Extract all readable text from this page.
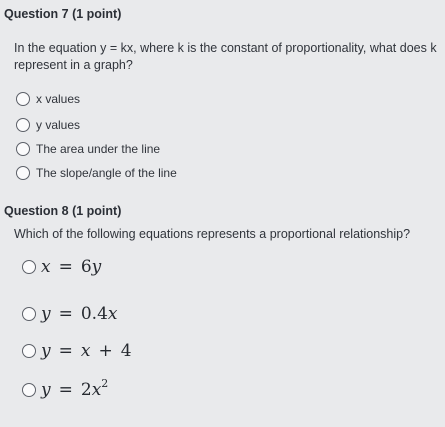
Question 7 (1 point)
In the equation y = kx, where k is the constant of proportionality, what does k
represent in a graph?
x values
y values
The area under the line
The slope/angle of the line
Question 8 (1 point)
Which of the following equations represents a proportional relationship?
x = 6y
y = 0.4x
y = x + 4
$y = 2x^2$
